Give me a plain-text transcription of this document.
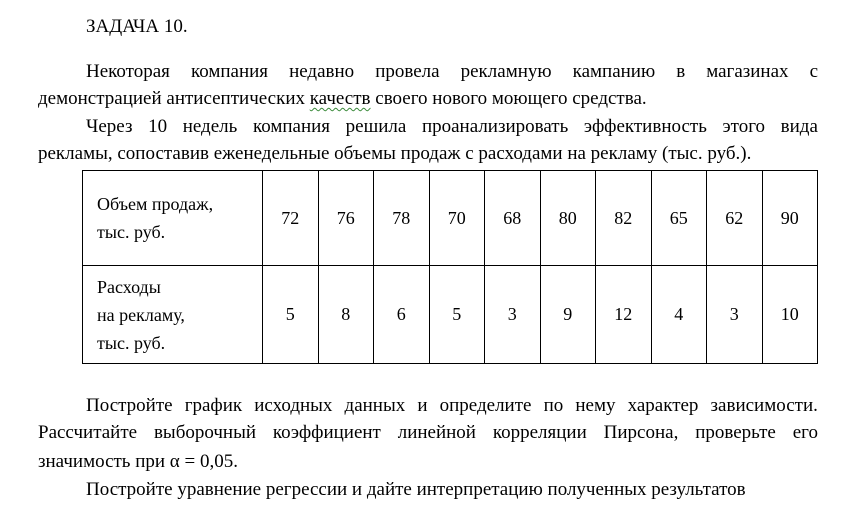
ЗАДАЧА 10.
Некоторая компания недавно провела рекламную кампанию в магазинах с
демонстрацией антисептических качеств своего нового моющего средства.
Через 10 недель компания решила проанализировать эффективность этого вида
рекламы, сопоставив еженедельные объемы продаж с расходами на рекламу (тыс. руб.).
Объем продаж,
тыс. руб.	72	76	78	70	68	80	82	65	62	90

Расходы
на рекламу,
тыс. руб.	5	8	6	5	3	9	12	4	3	10
Постройте график исходных данных и определите по нему характер зависимости.
Рассчитайте выборочный коэффициент линейной корреляции Пирсона, проверьте его
значимость при α = 0,05.
Постройте уравнение регрессии и дайте интерпретацию полученных результатов
